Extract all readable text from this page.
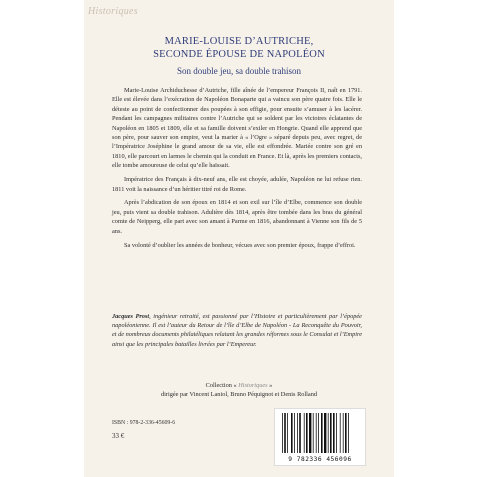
Historiques
MARIE-LOUISE D’AUTRICHE,
SECONDE ÉPOUSE DE NAPOLÉON
Son double jeu, sa double trahison

Marie-Louise Archiduchesse d’Autriche, fille aînée de l’empereur François II, naît en 1791. Elle est élevée dans l’exécration de Napoléon Bonaparte qui a vaincu son père quatre fois. Elle le déteste au point de confectionner des poupées à son effigie, pour ensuite s’amuser à les lacérer. Pendant les campagnes militaires contre l’Autriche qui se soldent par les victoires éclatantes de Napoléon en 1805 et 1809, elle et sa famille doivent s’exiler en Hongrie. Quand elle apprend que son père, pour sauver son empire, veut la marier à « l’Ogre » séparé depuis peu, avec regret, de l’Impératrice Joséphine le grand amour de sa vie, elle est effondrée. Mariée contre son gré en 1810, elle parcourt en larmes le chemin qui la conduit en France. Et là, après les premiers contacts, elle tombe amoureuse de celui qu’elle haïssait.

Impératrice des Français à dix-neuf ans, elle est choyée, adulée, Napoléon ne lui refuse rien. 1811 voit la naissance d’un héritier titré roi de Rome.

Après l’abdication de son époux en 1814 et son exil sur l’île d’Elbe, commence son double jeu, puis vient sa double trahison. Adultère dès 1814, après être tombée dans les bras du général comte de Neipperg, elle part avec son amant à Parme en 1816, abandonnant à Vienne son fils de 5 ans.

Sa volonté d’oublier les années de bonheur, vécues avec son premier époux, frappe d’effroi.

Jacques Prost, ingénieur retraité, est passionné par l’Histoire et particulièrement par l’épopée napoléonienne. Il est l’auteur du Retour de l’île d’Elbe de Napoléon - La Reconquête du Pouvoir, et de nombreux documents philatéliques relatant les grandes réformes sous le Consulat et l’Empire ainsi que les principales batailles livrées par l’Empereur.
Collection « Historiques »
dirigée par Vincent Laniol, Bruno Péquignot et Denis Rolland
ISBN : 978-2-336-45609-6
33 €
9 782336 456096
